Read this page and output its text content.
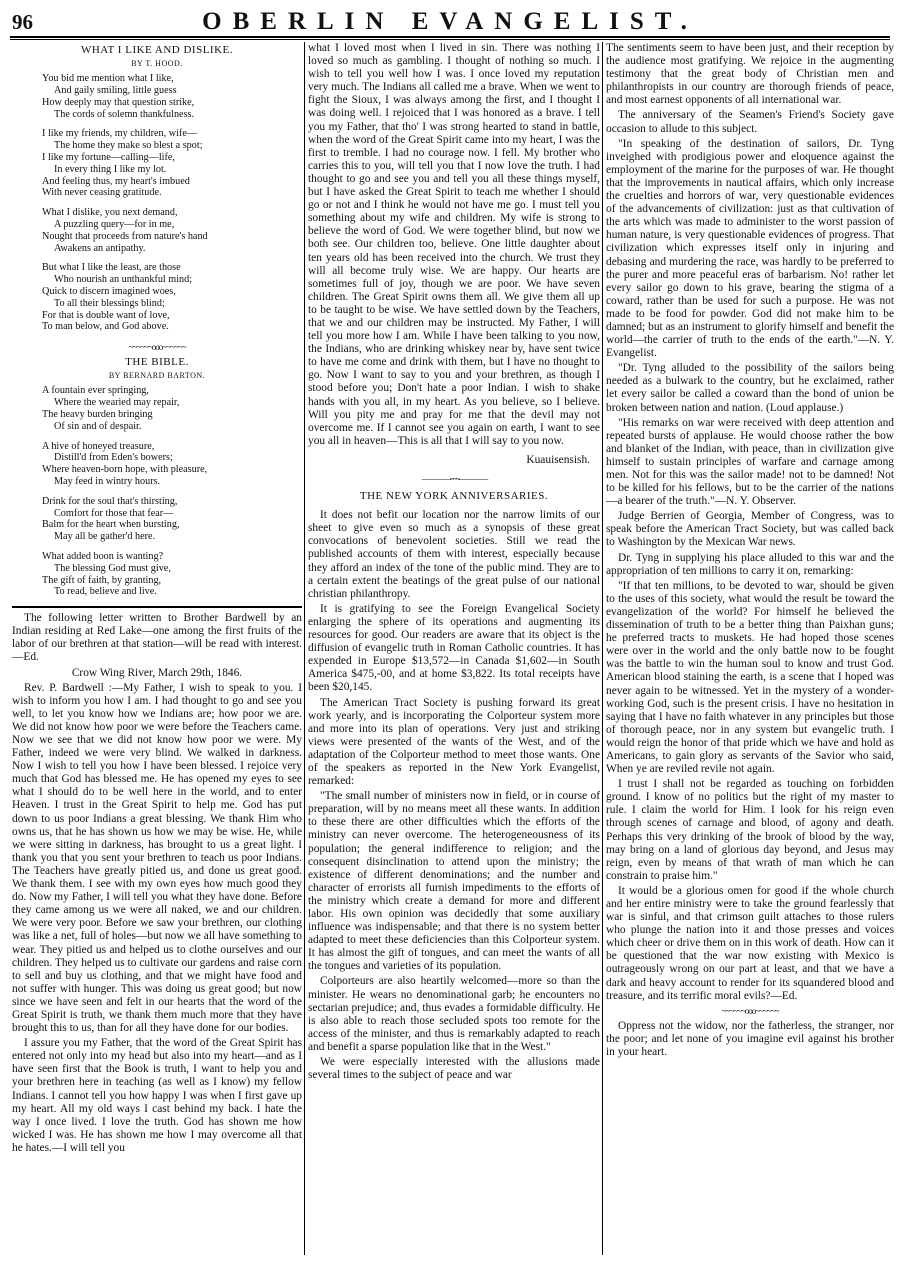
96	OBERLIN EVANGELIST.
WHAT I LIKE AND DISLIKE.
BY T. HOOD.
You bid me mention what I like,
And gaily smiling, little guess
How deeply may that question strike,
The cords of solemn thankfulness.
I like my friends, my children, wife—
The home they make so blest a spot;
I like my fortune—calling—life,
In every thing I like my lot.
And feeling thus, my heart's imbued
With never ceasing gratitude.
What I dislike, you next demand,
A puzzling query—for in me,
Nought that proceeds from nature's hand
Awakens an antipathy.
But what I like the least, are those
Who nourish an unthankful mind;
Quick to discern imagined woes,
To all their blessings blind;
For that is double want of love,
To man below, and God above.
~~~~~~ooo~~~~~~
THE BIBLE.
BY BERNARD BARTON.
A fountain ever springing,
Where the wearied may repair,
The heavy burden bringing
Of sin and of despair.
A hive of honeyed treasure,
Distill'd from Eden's bowers;
Where heaven-born hope, with pleasure,
May feed in wintry hours.
Drink for the soul that's thirsting,
Comfort for those that fear—
Balm for the heart when bursting,
May all be gather'd here.
What added boon is wanting?
The blessing God must give,
The gift of faith, by granting,
To read, believe and live.

The following letter written to Brother Bardwell by an Indian residing at Red Lake—one among the first fruits of the labor of our brethren at that station—will be read with interest.—Ed.

Crow Wing River, March 29th, 1846.

Rev. P. Bardwell :—My Father, I wish to speak to you. I wish to inform you how I am. I had thought to go and see you well, to let you know how we Indians are; how poor we are. We did not know how poor we were before the Teachers came. Now we see that we did not know how poor we were. My Father, indeed we were very blind. We walked in darkness. Now I wish to tell you how I have been blessed. I rejoice very much that God has blessed me. He has opened my eyes to see what I should do to be well here in the world, and to enter Heaven. I trust in the Great Spirit to help me. God has put down to us poor Indians a great blessing. We thank Him who owns us, that he has shown us how we may be wise. He, while we were sitting in darkness, has brought to us a great light. I thank you that you sent your brethren to teach us poor Indians. The Teachers have greatly pitied us, and done us great good. We thank them. I see with my own eyes how much good they do. Now my Father, I will tell you what they have done. Before they came among us we were all naked, we and our children. We were very poor. Before we saw your brethren, our clothing was like a net, full of holes—but now we all have something to wear. They pitied us and helped us to clothe ourselves and our children. They helped us to cultivate our gardens and raise corn to sell and buy us clothing, and that we might have food and not suffer with hunger. This was doing us great good; but now since we have seen and felt in our hearts that the word of the Great Spirit is truth, we thank them much more that they have brought this to us, than for all they have done for our bodies.

I assure you my Father, that the word of the Great Spirit has entered not only into my head but also into my heart—and as I have seen first that the Book is truth, I want to help you and your brethren here in teaching (as well as I know) my fellow Indians. I cannot tell you how happy I was when I first gave up my heart. All my old ways I cast behind my back. I hate the way I once lived. I love the truth. God has shown me how wicked I was. He has shown me how I may overcome all that he hates.—I will tell you

what I loved most when I lived in sin. There was nothing I loved so much as gambling. I thought of nothing so much. I wish to tell you well how I was. I once loved my reputation very much. The Indians all called me a brave. When we went to fight the Sioux, I was always among the first, and I thought I was doing well. I rejoiced that I was honored as a brave. I tell you my Father, that tho' I was strong hearted to stand in battle, when the word of the Great Spirit came into my heart, I was the first to tremble. I had no courage now. I fell. My brother who carries this to you, will tell you that I now love the truth. I had thought to go and see you and tell you all these things myself, but I have asked the Great Spirit to teach me whether I should go or not and I think he would not have me go. I must tell you something about my wife and children. My wife is strong to believe the word of God. We were together blind, but now we both see. Our children too, believe. One little daughter about ten years old has been received into the church. We trust they will all become truly wise. We are happy. Our hearts are sometimes full of joy, though we are poor. We have seven children. The Great Spirit owns them all. We give them all up to be taught to be wise. We have settled down by the Teachers, that we and our children may be instructed. My Father, I will tell you more how I am. While I have been talking to you now, the Indians, who are drinking whiskey near by, have sent twice to have me come and drink with them, but I have no thought to go. Now I want to say to you and your brethren, as though I stood before you; Don't hate a poor Indian. I wish to shake hands with you all, in my heart. As you believe, so I believe. Will you pity me and pray for me that the devil may not overcome me. If I cannot see you again on earth, I want to see you all in heaven—This is all that I will say to you now.

Kuauisensish.
————~~~————
THE NEW YORK ANNIVERSARIES.

It does not befit our location nor the narrow limits of our sheet to give even so much as a synopsis of these great convocations of benevolent societies. Still we read the published accounts of them with interest, especially because they afford an index of the tone of the public mind. They are to a certain extent the beatings of the great pulse of our national christian philanthropy.

It is gratifying to see the Foreign Evangelical Society enlarging the sphere of its operations and augmenting its resources for good. Our readers are aware that its object is the diffusion of evangelic truth in Roman Catholic countries. It has expended in Europe $13,572—in Canada $1,602—in South America $475,-00, and at home $3,822. Its total receipts have been $20,145.

The American Tract Society is pushing forward its great work yearly, and is incorporating the Colporteur system more and more into its plan of operations. Very just and striking views were presented of the wants of the West, and of the adaptation of the Colporteur method to meet those wants. One of the speakers as reported in the New York Evangelist, remarked:

"The small number of ministers now in field, or in course of preparation, will by no means meet all these wants. In addition to these there are other difficulties which the efforts of the ministry can never overcome. The heterogeneousness of its population; the general indifference to religion; and the consequent disinclination to attend upon the ministry; the existence of different denominations; and the number and character of errorists all furnish impediments to the efforts of the ministry which create a demand for more and different labor. His own opinion was decidedly that some auxiliary influence was indispensable; and that there is no system better adapted to meet these deficiencies than this Colporteur system. It has almost the gift of tongues, and can meet the wants of all the tongues and varieties of its population.

Colporteurs are also heartily welcomed—more so than the minister. He wears no denominational garb; he encounters no sectarian prejudice; and, thus evades a formidable difficulty. He is also able to reach those secluded spots too remote for the access of the minister, and thus is remarkably adapted to reach and benefit a sparse population like that in the West."

We were especially interested with the allusions made several times to the subject of peace and war

The sentiments seem to have been just, and their reception by the audience most gratifying. We rejoice in the augmenting testimony that the great body of Christian men and philanthropists in our country are thorough friends of peace, and most earnest opponents of all international war.

The anniversary of the Seamen's Friend's Society gave occasion to allude to this subject.

"In speaking of the destination of sailors, Dr. Tyng inveighed with prodigious power and eloquence against the employment of the marine for the purposes of war. He thought that the improvements in nautical affairs, which only increase the cruelties and horrors of war, very questionable evidences of the advancements of civilization: just as that cultivation of the arts which was made to administer to the worst passion of human nature, is very questionable evidences of progress. That civilization which expresses itself only in injuring and debasing and murdering the race, was hardly to be preferred to the purer and more peaceful eras of barbarism. No! rather let every sailor go down to his grave, bearing the stigma of a coward, rather than be used for such a purpose. He was not made to be food for powder. God did not make him to be damned; but as an instrument to glorify himself and benefit the world—the carrier of truth to the ends of the earth."—N. Y. Evangelist.

"Dr. Tyng alluded to the possibility of the sailors being needed as a bulwark to the country, but he exclaimed, rather let every sailor be called a coward than the bond of union be broken between nation and nation. (Loud applause.)

"His remarks on war were received with deep attention and repeated bursts of applause. He would choose rather the bow and blanket of the Indian, with peace, than in civilization give himself to sustain principles of warfare and carnage among men. Not for this was the sailor made! not to be damned! Not to be killed for his fellows, but to be the carrier of the nations—a bearer of the truth."—N. Y. Observer.

Judge Berrien of Georgia, Member of Congress, was to speak before the American Tract Society, but was called back to Washington by the Mexican War news.

Dr. Tyng in supplying his place alluded to this war and the appropriation of ten millions to carry it on, remarking:

"If that ten millions, to be devoted to war, should be given to the uses of this society, what would the result be toward the evangelization of the world? For himself he believed the dissemination of truth to be a better thing than Paixhan guns; he preferred tracts to muskets. He had hoped those scenes were over in the world and the only battle now to be fought was the battle to win the human soul to know and trust God. American blood staining the earth, is a scene that I hoped was never again to be witnessed. Yet in the mystery of a wonder-working God, such is the present crisis. I have no hesitation in saying that I have no faith whatever in any principles but those of thorough peace, nor in any system but evangelic truth. I would reign the honor of that pride which we have and hold as Americans, to gain glory as servants of the Savior who said, When ye are reviled revile not again.

I trust I shall not be regarded as touching on forbidden ground. I know of no politics but the right of my master to rule. I claim the world for Him. I look for his reign even through scenes of carnage and blood, of agony and death. Perhaps this very drinking of the brook of blood by the way, may bring on a land of glorious day beyond, and Jesus may reign, even by means of that wrath of man which he can constrain to praise him."

It would be a glorious omen for good if the whole church and her entire ministry were to take the ground fearlessly that war is sinful, and that crimson guilt attaches to those rulers who plunge the nation into it and those presses and voices which cheer or drive them on in this work of death. How can it be questioned that the war now existing with Mexico is outrageously wrong on our part at least, and that we have a dark and heavy account to render for its squandered blood and treasure, and its terrific moral evils?—Ed.

~~~~~~ooo~~~~~~

Oppress not the widow, nor the fatherless, the stranger, nor the poor; and let none of you imagine evil against his brother in your heart.
